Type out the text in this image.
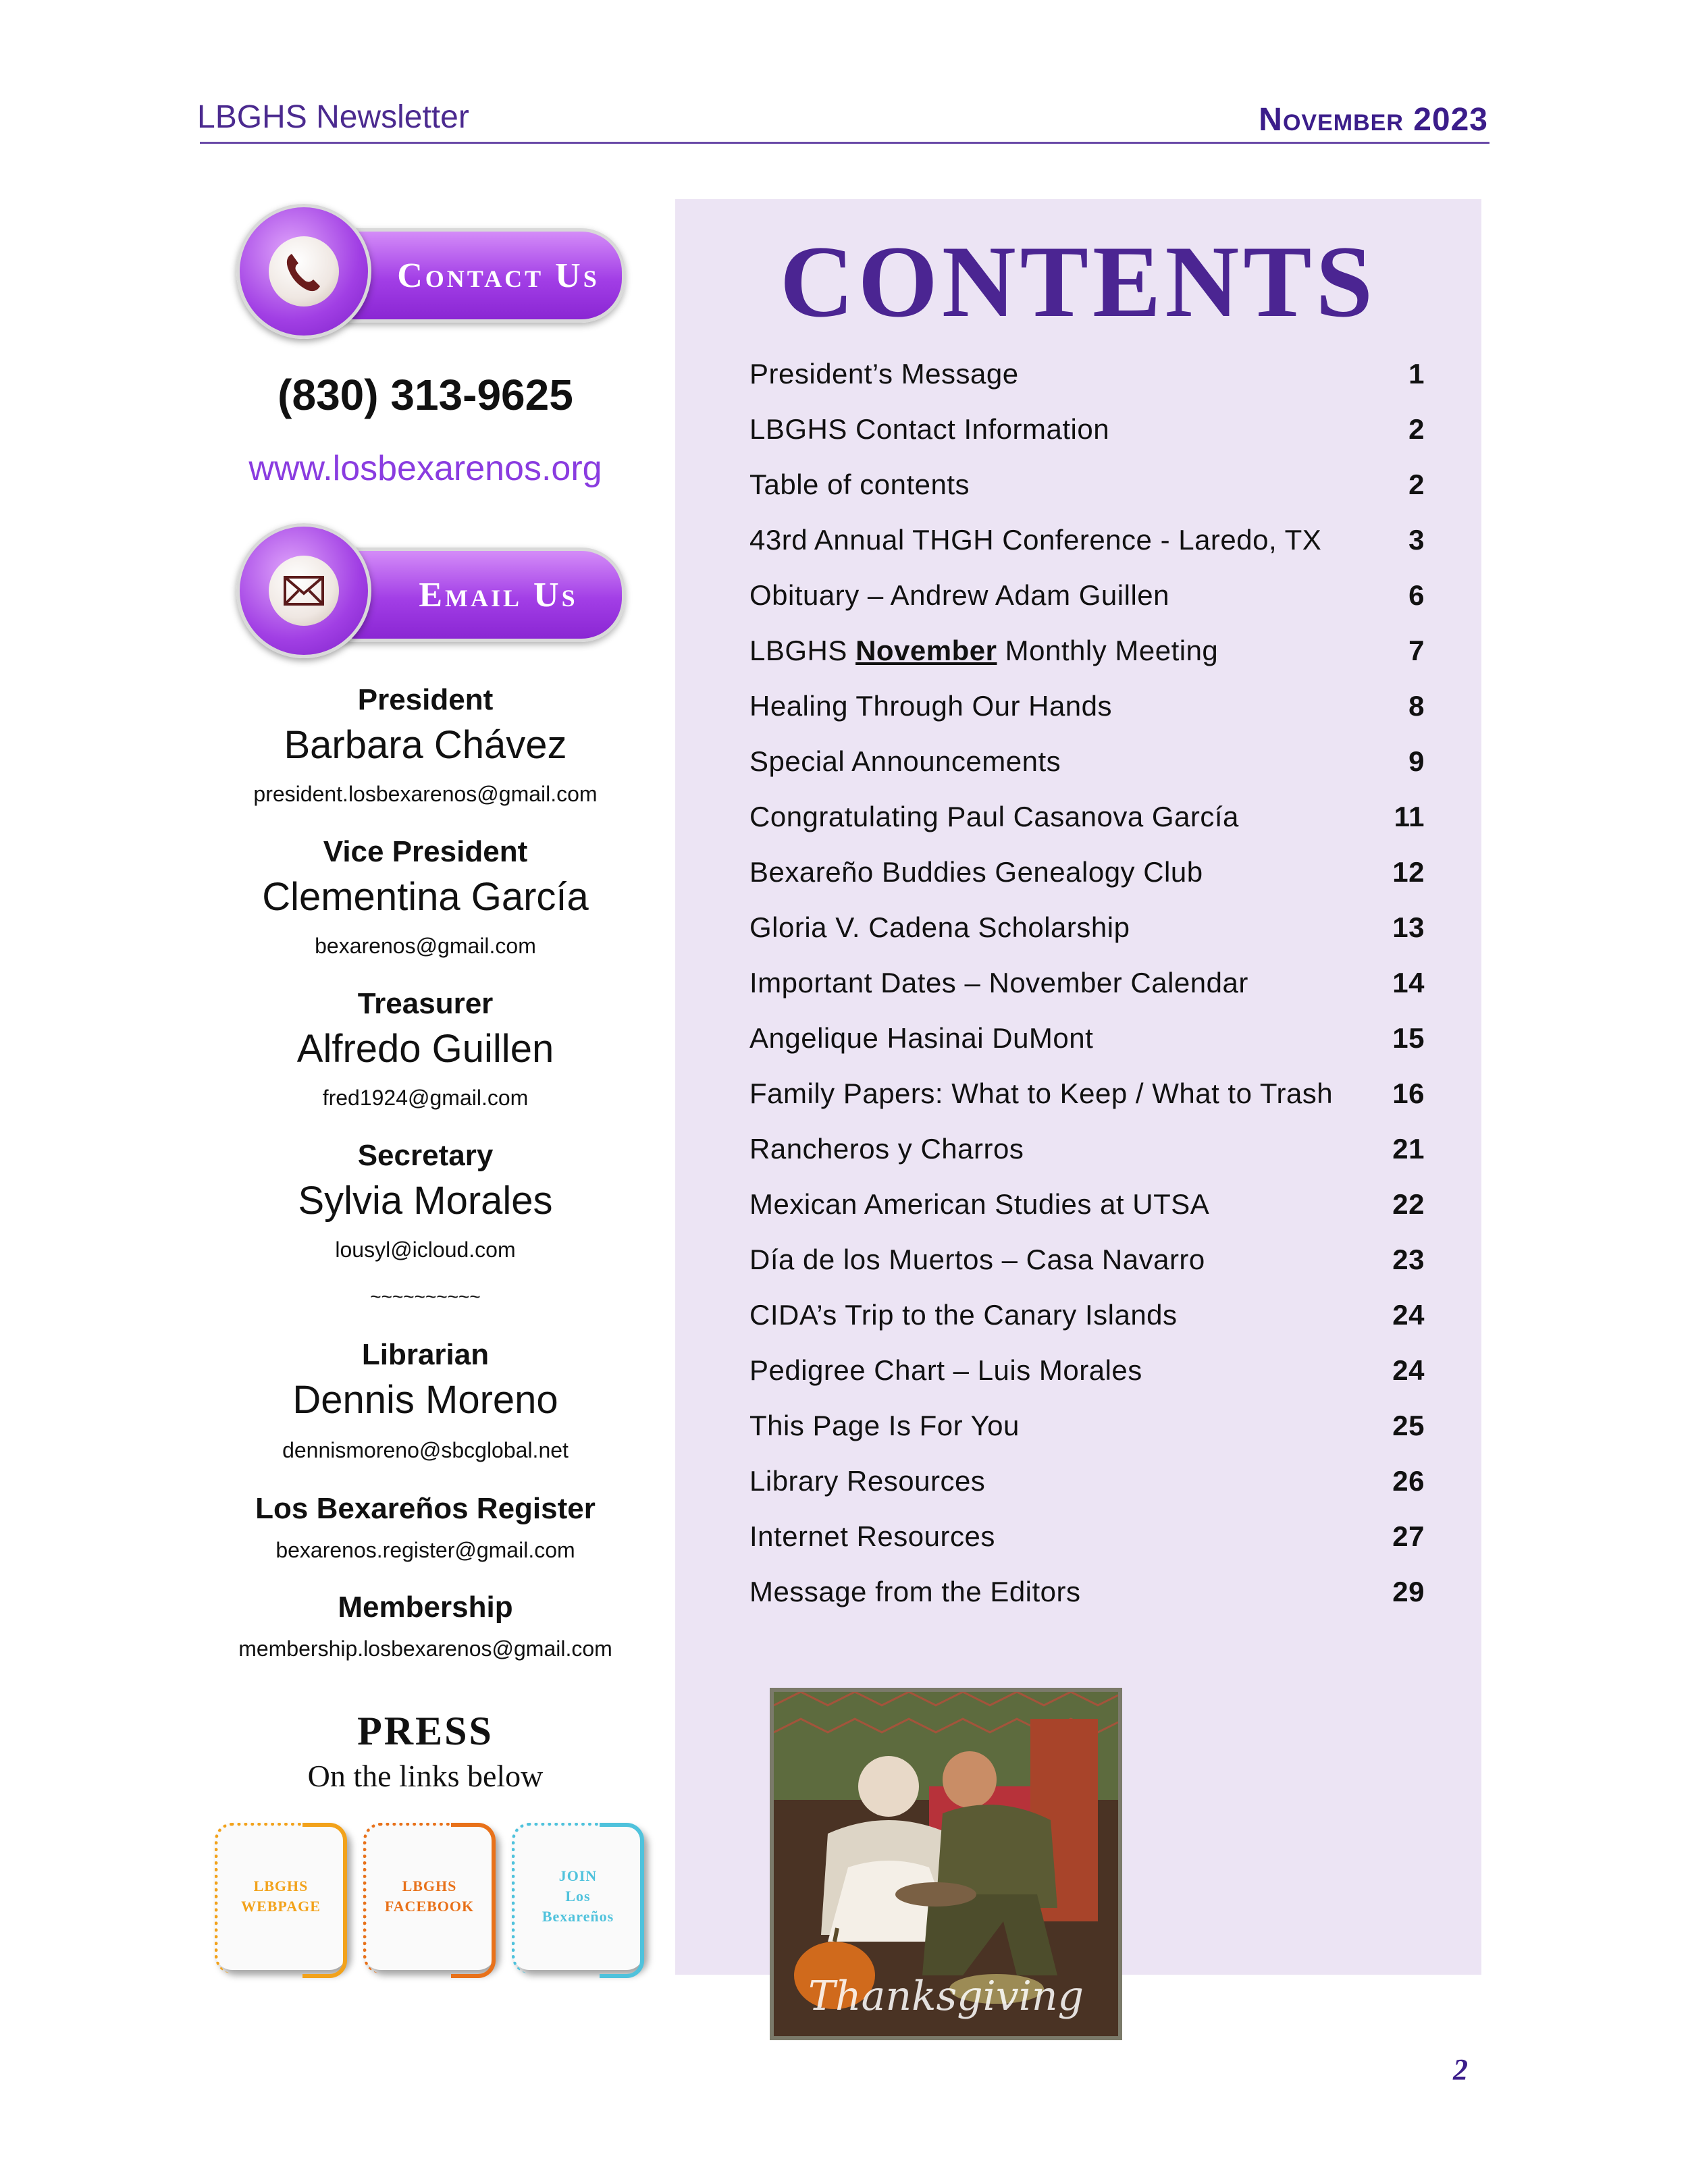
LBGHS Newsletter	November 2023
Contact Us
(830) 313-9625
www.losbexarenos.org
Email Us
President
Barbara Chávez
president.losbexarenos@gmail.com
Vice President
Clementina García
bexarenos@gmail.com
Treasurer
Alfredo Guillen
fred1924@gmail.com
Secretary
Sylvia Morales
lousyl@icloud.com
~~~~~~~~~~
Librarian
Dennis Moreno
dennismoreno@sbcglobal.net
Los Bexareños Register
bexarenos.register@gmail.com
Membership
membership.losbexarenos@gmail.com
PRESS
On the links below
LBGHS
WEBPAGE
LBGHS
FACEBOOK
JOIN
Los
Bexareños
CONTENTS
President’s Message	1
LBGHS Contact Information	2
Table of contents	2
43rd Annual THGH Conference - Laredo, TX	3
Obituary – Andrew Adam Guillen	6
LBGHS November Monthly Meeting	7
Healing Through Our Hands	8
Special Announcements	9
Congratulating Paul Casanova García	11
Bexareño Buddies Genealogy Club	12
Gloria V. Cadena Scholarship	13
Important Dates – November Calendar	14
Angelique Hasinai DuMont	15
Family Papers: What to Keep / What to Trash 16
Rancheros y Charros	21
Mexican American Studies at UTSA	22
Día de los Muertos – Casa Navarro	23
CIDA’s Trip to the Canary Islands	24
Pedigree Chart – Luis Morales	24
This Page Is For You	25
Library Resources	26
Internet Resources	27
Message from the Editors	29
Thanksgiving
2
